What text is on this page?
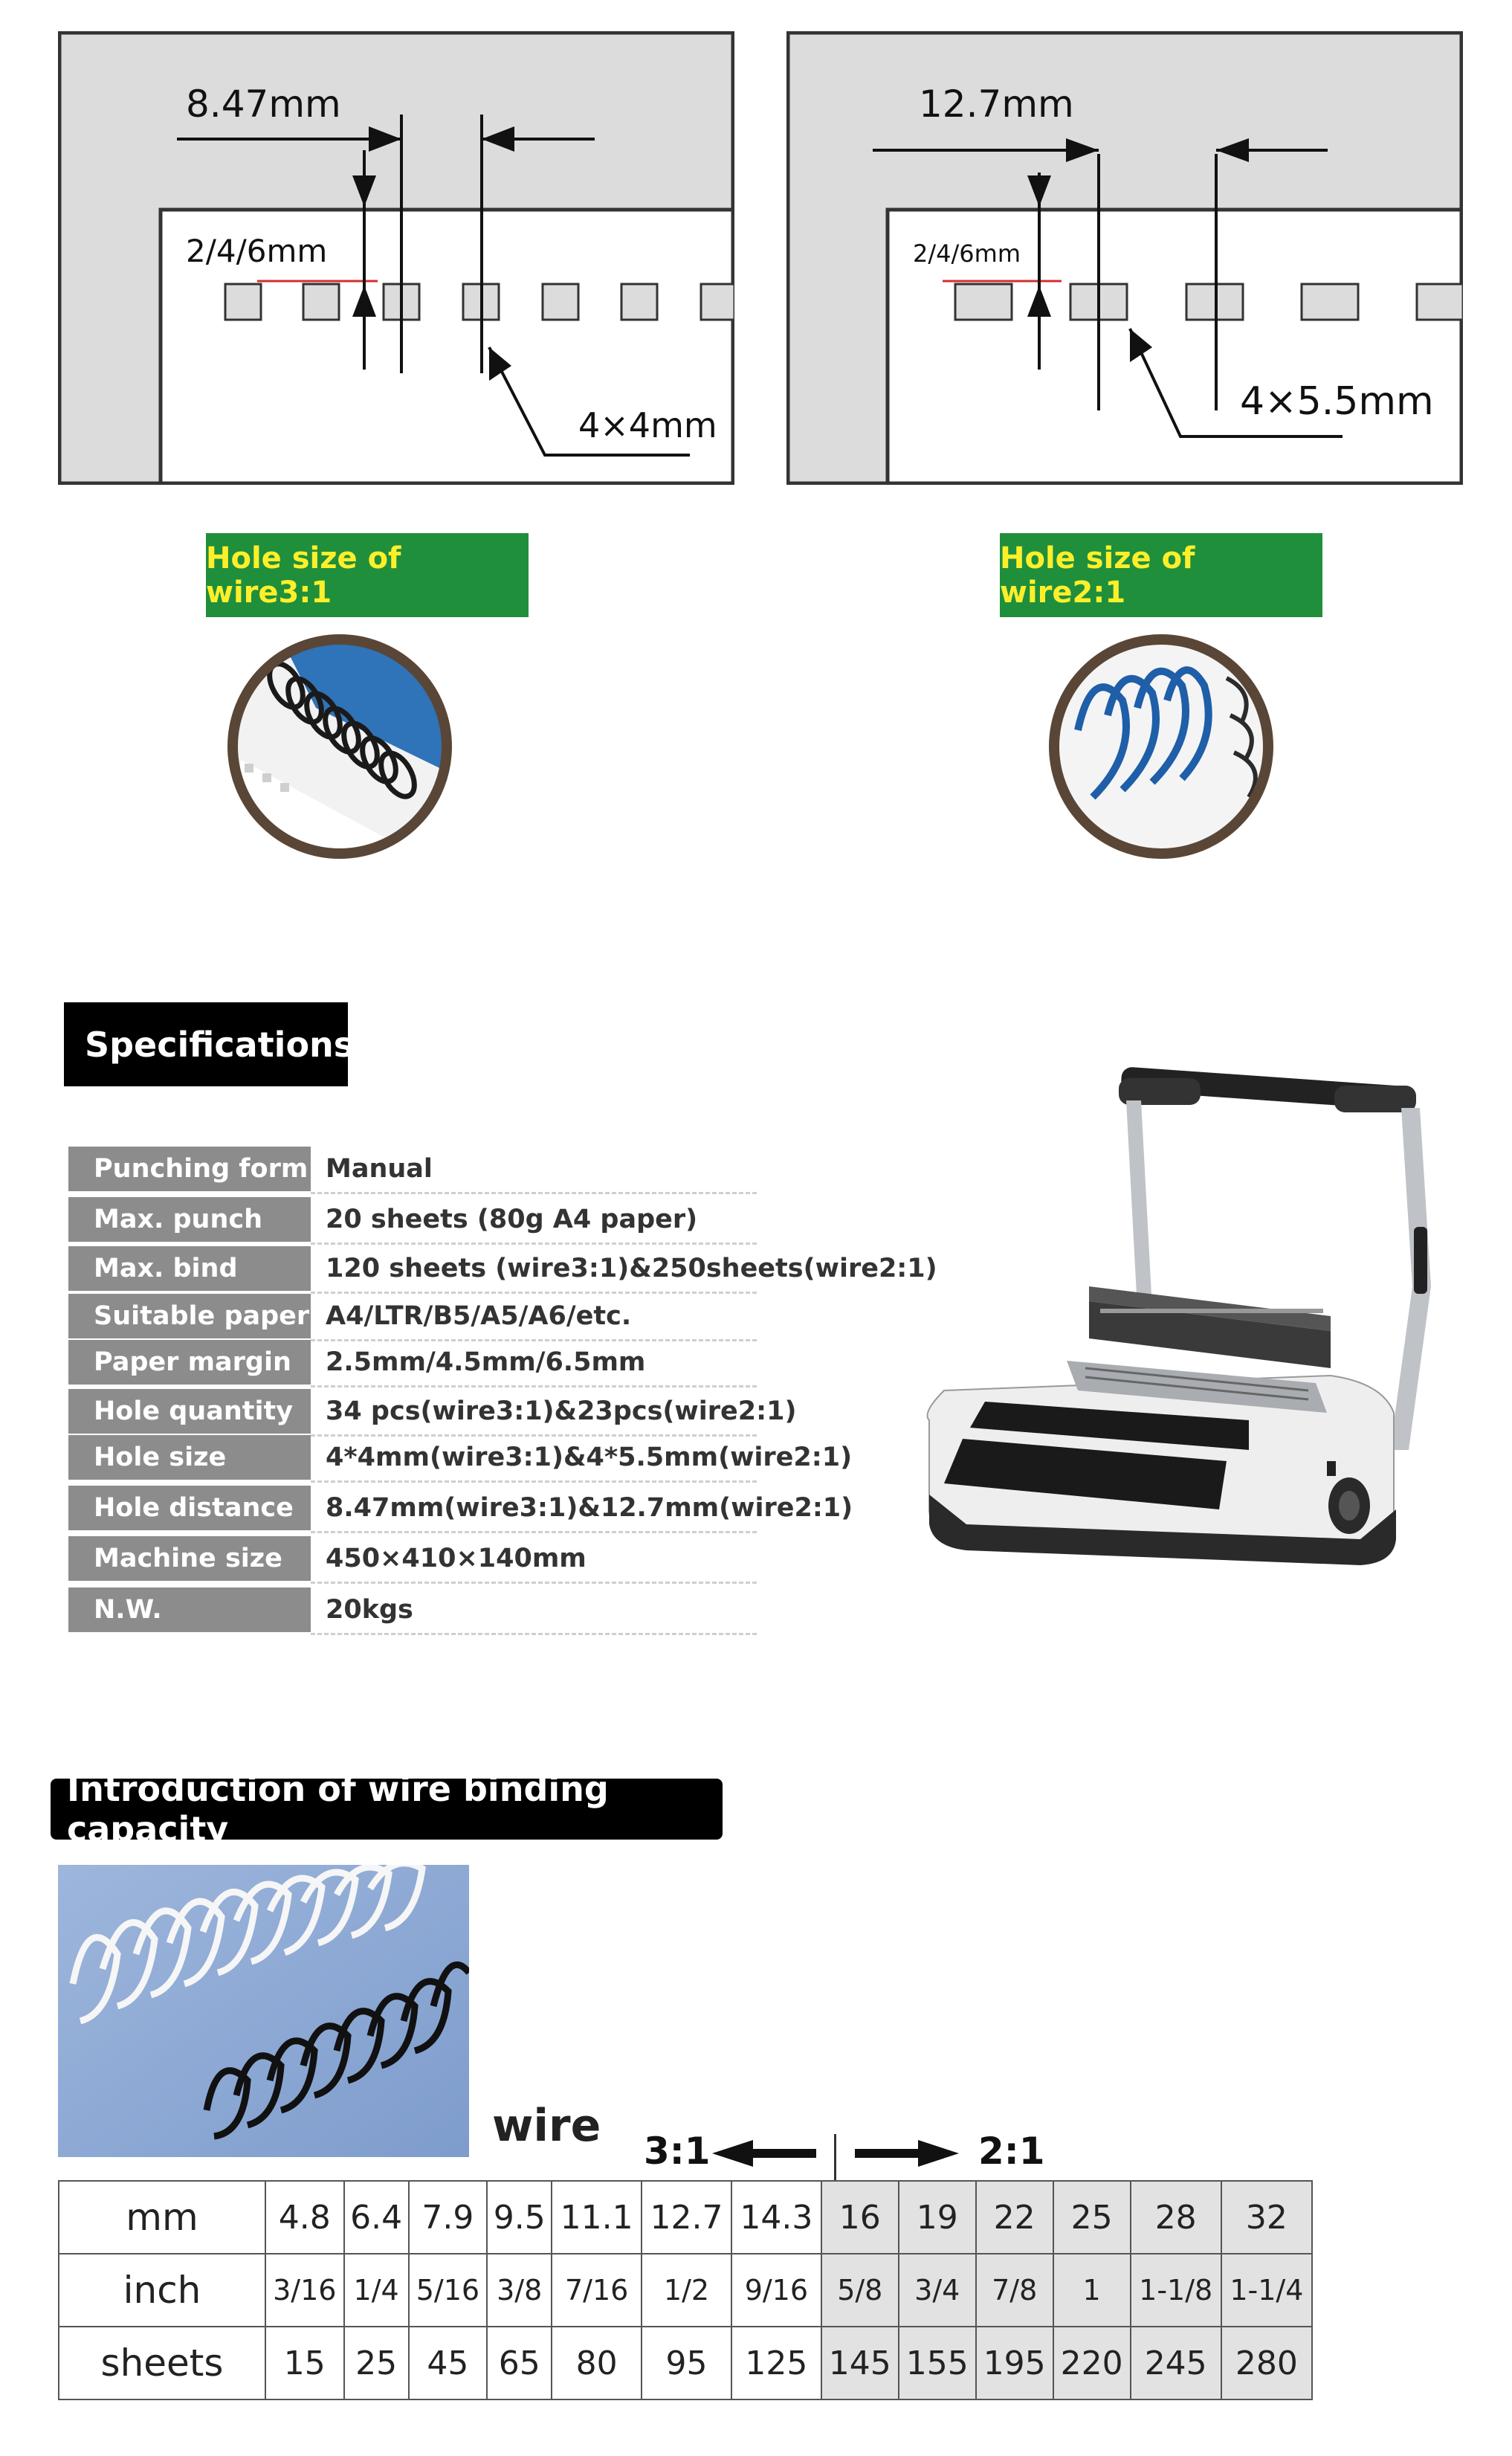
8.47mm
2/4/6mm
4×4mm
12.7mm
2/4/6mm
4×5.5mm
Hole size of wire3:1
Hole size of wire2:1
Specifications
Punching form Manual
Max. punch	20 sheets (80g A4 paper)
Max. bind	120 sheets (wire3:1)&250sheets(wire2:1)
Suitable paper A4/LTR/B5/A5/A6/etc.
Paper margin	2.5mm/4.5mm/6.5mm
Hole quantity	34 pcs(wire3:1)&23pcs(wire2:1)
Hole size	4*4mm(wire3:1)&4*5.5mm(wire2:1)
Hole distance	8.47mm(wire3:1)&12.7mm(wire2:1)
Machine size	450×410×140mm
N.W.	20kgs
Introduction of wire binding capacity
wire 3:1	2:1
mm	4.8	6.4	7.9	9.5	11.1	12.7	14.3	16	19	22	25	28	32
inch	3/16	1/4	5/16	3/8	7/16	1/2	9/16	5/8	3/4	7/8	1	1-1/8	1-1/4
sheets	15	25	45	65	80	95	125	145	155	195	220	245	280
